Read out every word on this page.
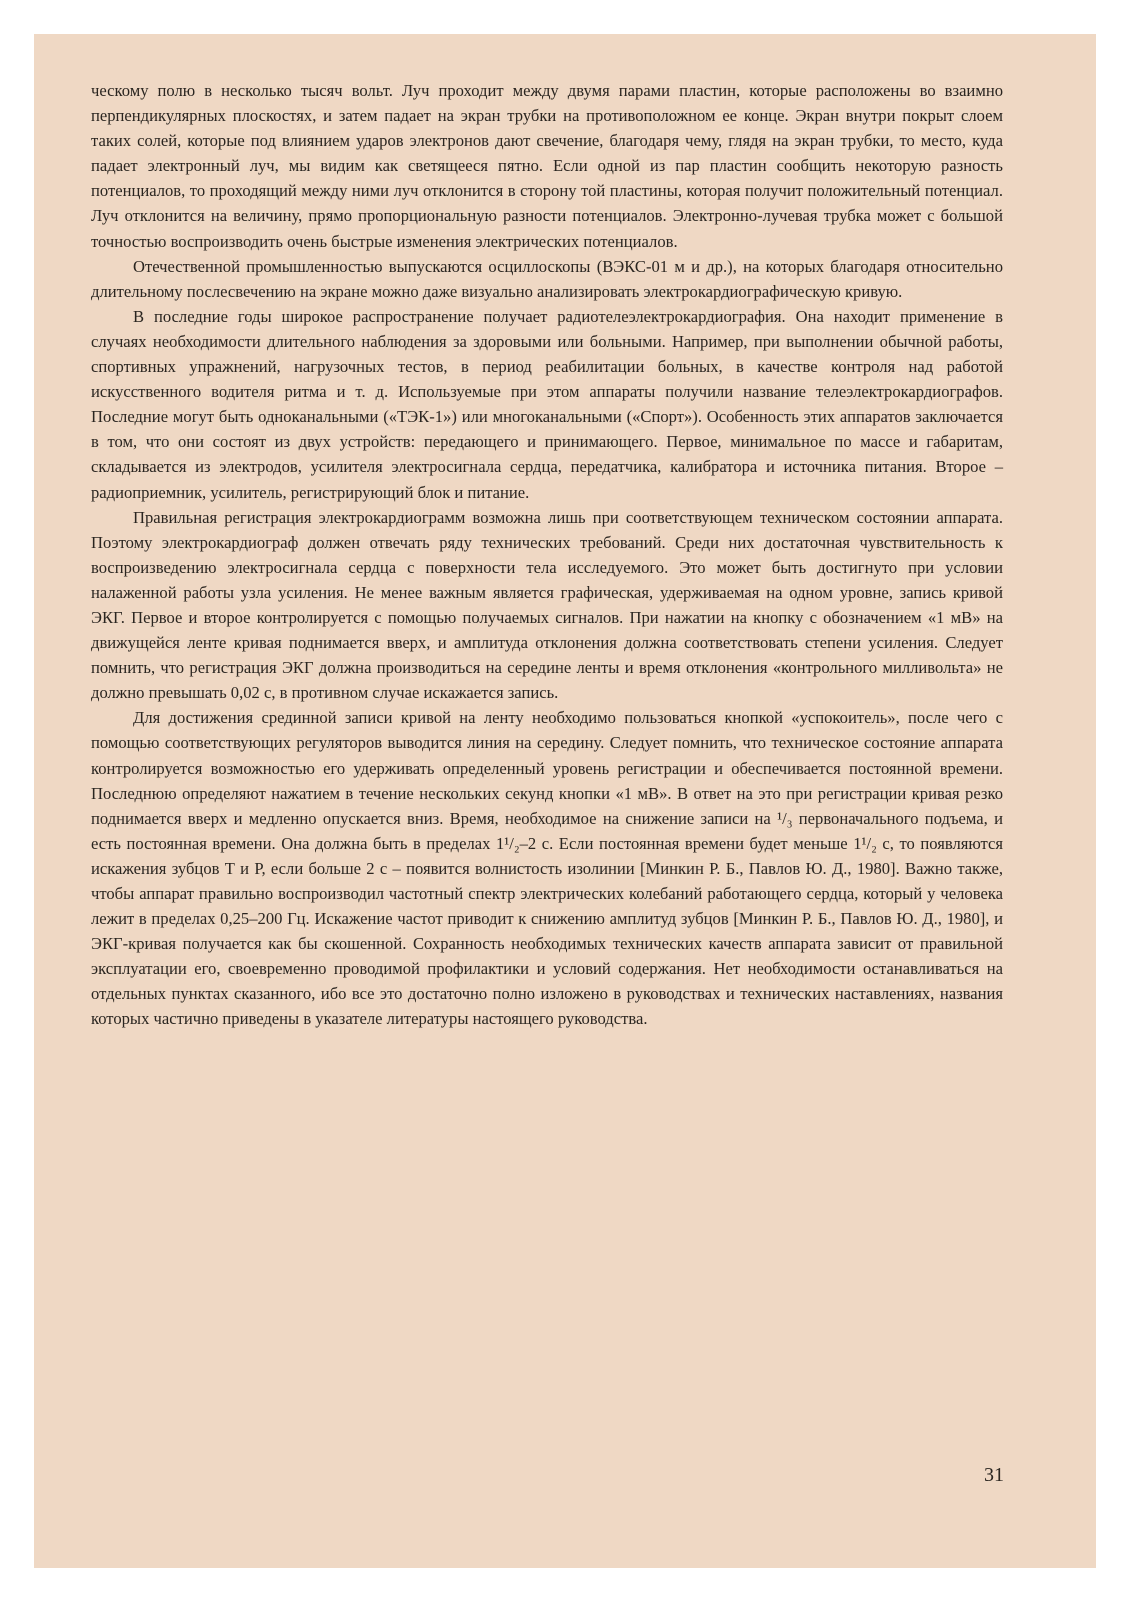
ческому полю в несколько тысяч вольт. Луч проходит между двумя парами пластин, которые расположены во взаимно перпендикулярных плоскостях, и затем падает на экран трубки на противоположном ее конце. Экран внутри покрыт слоем таких солей, которые под влиянием ударов электронов дают свечение, благодаря чему, глядя на экран трубки, то место, куда падает электронный луч, мы видим как светящееся пятно. Если одной из пар пластин сообщить некоторую разность потенциалов, то проходящий между ними луч отклонится в сторону той пластины, которая получит положительный потенциал. Луч отклонится на величину, прямо пропорциональную разности потенциалов. Электронно-лучевая трубка может с большой точностью воспроизводить очень быстрые изменения электрических потенциалов.

Отечественной промышленностью выпускаются осциллоскопы (ВЭКС-01 м и др.), на которых благодаря относительно длительному послесвечению на экране можно даже визуально анализировать электрокардиографическую кривую.

В последние годы широкое распространение получает радиотелеэлектрокардиография. Она находит применение в случаях необходимости длительного наблюдения за здоровыми или больными. Например, при выполнении обычной работы, спортивных упражнений, нагрузочных тестов, в период реабилитации больных, в качестве контроля над работой искусственного водителя ритма и т. д. Используемые при этом аппараты получили название телеэлектрокардиографов. Последние могут быть одноканальными («ТЭК-1») или многоканальными («Спорт»). Особенность этих аппаратов заключается в том, что они состоят из двух устройств: передающего и принимающего. Первое, минимальное по массе и габаритам, складывается из электродов, усилителя электросигнала сердца, передатчика, калибратора и источника питания. Второе – радиоприемник, усилитель, регистрирующий блок и питание.

Правильная регистрация электрокардиограмм возможна лишь при соответствующем техническом состоянии аппарата. Поэтому электрокардиограф должен отвечать ряду технических требований. Среди них достаточная чувствительность к воспроизведению электросигнала сердца с поверхности тела исследуемого. Это может быть достигнуто при условии налаженной работы узла усиления. Не менее важным является графическая, удерживаемая на одном уровне, запись кривой ЭКГ. Первое и второе контролируется с помощью получаемых сигналов. При нажатии на кнопку с обозначением «1 мВ» на движущейся ленте кривая поднимается вверх, и амплитуда отклонения должна соответствовать степени усиления. Следует помнить, что регистрация ЭКГ должна производиться на середине ленты и время отклонения «контрольного милливольта» не должно превышать 0,02 с, в противном случае искажается запись.

Для достижения срединной записи кривой на ленту необходимо пользоваться кнопкой «успокоитель», после чего с помощью соответствующих регуляторов выводится линия на середину. Следует помнить, что техническое состояние аппарата контролируется возможностью его удерживать определенный уровень регистрации и обеспечивается постоянной времени. Последнюю определяют нажатием в течение нескольких секунд кнопки «1 мВ». В ответ на это при регистрации кривая резко поднимается вверх и медленно опускается вниз. Время, необходимое на снижение записи на ¹/₃ первоначального подъема, и есть постоянная времени. Она должна быть в пределах 1¹/₂–2 с. Если постоянная времени будет меньше 1¹/₂ с, то появляются искажения зубцов Т и Р, если больше 2 с – появится волнистость изолинии [Минкин Р. Б., Павлов Ю. Д., 1980]. Важно также, чтобы аппарат правильно воспроизводил частотный спектр электрических колебаний работающего сердца, который у человека лежит в пределах 0,25–200 Гц. Искажение частот приводит к снижению амплитуд зубцов [Минкин Р. Б., Павлов Ю. Д., 1980], и ЭКГ-кривая получается как бы скошенной. Сохранность необходимых технических качеств аппарата зависит от правильной эксплуатации его, своевременно проводимой профилактики и условий содержания. Нет необходимости останавливаться на отдельных пунктах сказанного, ибо все это достаточно полно изложено в руководствах и технических наставлениях, названия которых частично приведены в указателе литературы настоящего руководства.

31
